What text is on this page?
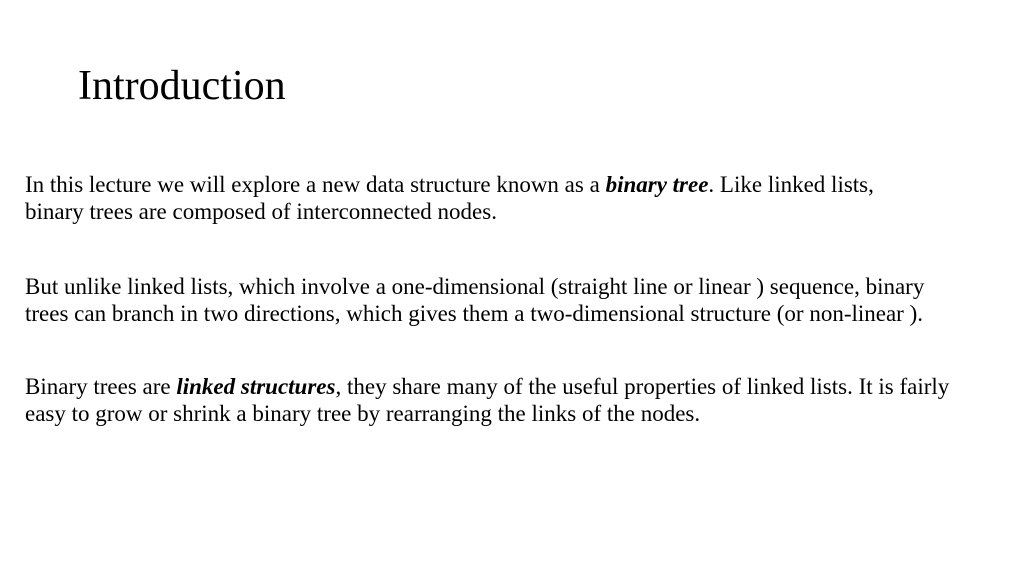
Introduction

In this lecture we will explore a new data structure known as a binary tree. Like linked lists, binary trees are composed of interconnected nodes.

But unlike linked lists, which involve a one-dimensional (straight line or linear ) sequence, binary trees can branch in two directions, which gives them a two-dimensional structure (or non-linear ).

Binary trees are linked structures, they share many of the useful properties of linked lists. It is fairly easy to grow or shrink a binary tree by rearranging the links of the nodes.
